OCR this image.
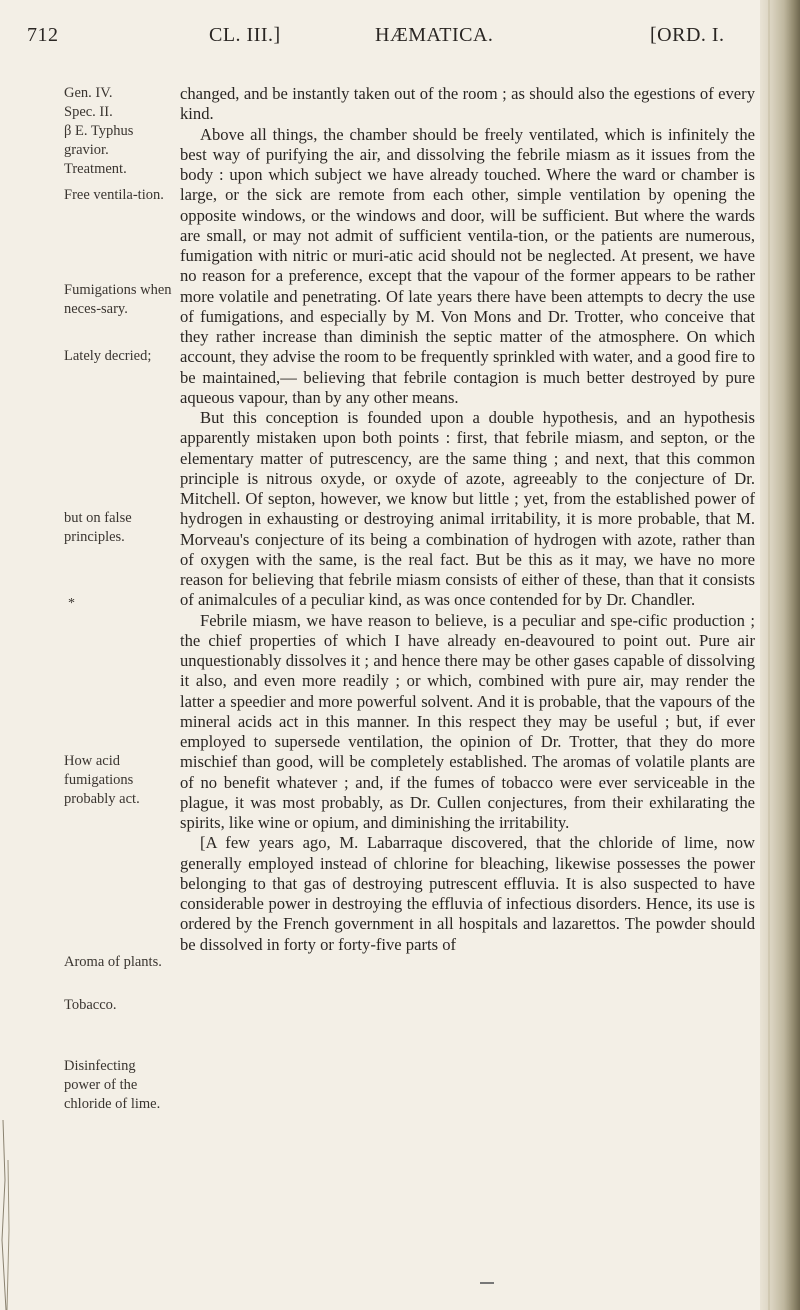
712	CL. III.]	HÆMATICA.	[ORD. I.
Gen. IV.
Spec. II.
β E. Typhus gravior.
Treatment.
Free ventila-tion.
Fumigations when neces-sary.
Lately decried;
but on false principles.
*
How acid fumigations probably act.
Aroma of plants.
Tobacco.
Disinfecting power of the chloride of lime.

changed, and be instantly taken out of the room ; as should also the egestions of every kind.

Above all things, the chamber should be freely ventilated, which is infinitely the best way of purifying the air, and dissolving the febrile miasm as it issues from the body : upon which subject we have already touched. Where the ward or chamber is large, or the sick are remote from each other, simple ventilation by opening the opposite windows, or the windows and door, will be sufficient. But where the wards are small, or may not admit of sufficient ventila-tion, or the patients are numerous, fumigation with nitric or muri-atic acid should not be neglected. At present, we have no reason for a preference, except that the vapour of the former appears to be rather more volatile and penetrating. Of late years there have been attempts to decry the use of fumigations, and especially by M. Von Mons and Dr. Trotter, who conceive that they rather increase than diminish the septic matter of the atmosphere. On which account, they advise the room to be frequently sprinkled with water, and a good fire to be maintained,— believing that febrile contagion is much better destroyed by pure aqueous vapour, than by any other means.

But this conception is founded upon a double hypothesis, and an hypothesis apparently mistaken upon both points : first, that febrile miasm, and septon, or the elementary matter of putrescency, are the same thing ; and next, that this common principle is nitrous oxyde, or oxyde of azote, agreeably to the conjecture of Dr. Mitchell. Of septon, however, we know but little ; yet, from the established power of hydrogen in exhausting or destroying animal irritability, it is more probable, that M. Morveau's conjecture of its being a combination of hydrogen with azote, rather than of oxygen with the same, is the real fact. But be this as it may, we have no more reason for believing that febrile miasm consists of either of these, than that it consists of animalcules of a peculiar kind, as was once contended for by Dr. Chandler.

Febrile miasm, we have reason to believe, is a peculiar and spe-cific production ; the chief properties of which I have already en-deavoured to point out. Pure air unquestionably dissolves it ; and hence there may be other gases capable of dissolving it also, and even more readily ; or which, combined with pure air, may render the latter a speedier and more powerful solvent. And it is probable, that the vapours of the mineral acids act in this manner. In this respect they may be useful ; but, if ever employed to supersede ventilation, the opinion of Dr. Trotter, that they do more mischief than good, will be completely established. The aromas of volatile plants are of no benefit whatever ; and, if the fumes of tobacco were ever serviceable in the plague, it was most probably, as Dr. Cullen conjectures, from their exhilarating the spirits, like wine or opium, and diminishing the irritability.

[A few years ago, M. Labarraque discovered, that the chloride of lime, now generally employed instead of chlorine for bleaching, likewise possesses the power belonging to that gas of destroying putrescent effluvia. It is also suspected to have considerable power in destroying the effluvia of infectious disorders. Hence, its use is ordered by the French government in all hospitals and lazarettos. The powder should be dissolved in forty or forty-five parts of
